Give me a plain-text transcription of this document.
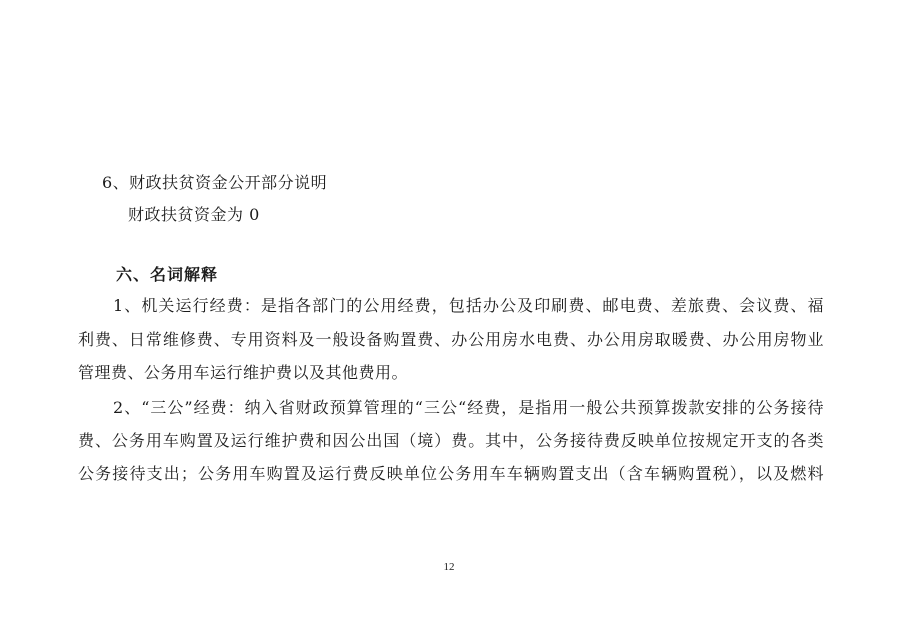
6、财政扶贫资金公开部分说明
财政扶贫资金为 0
六、名词解释
1、机关运行经费：是指各部门的公用经费，包括办公及印刷费、邮电费、差旅费、会议费、福
利费、日常维修费、专用资料及一般设备购置费、办公用房水电费、办公用房取暖费、办公用房物业
管理费、公务用车运行维护费以及其他费用。
2、“三公”经费：纳入省财政预算管理的“三公“经费，是指用一般公共预算拨款安排的公务接待
费、公务用车购置及运行维护费和因公出国（境）费。其中，公务接待费反映单位按规定开支的各类
公务接待支出；公务用车购置及运行费反映单位公务用车车辆购置支出（含车辆购置税），以及燃料
12
